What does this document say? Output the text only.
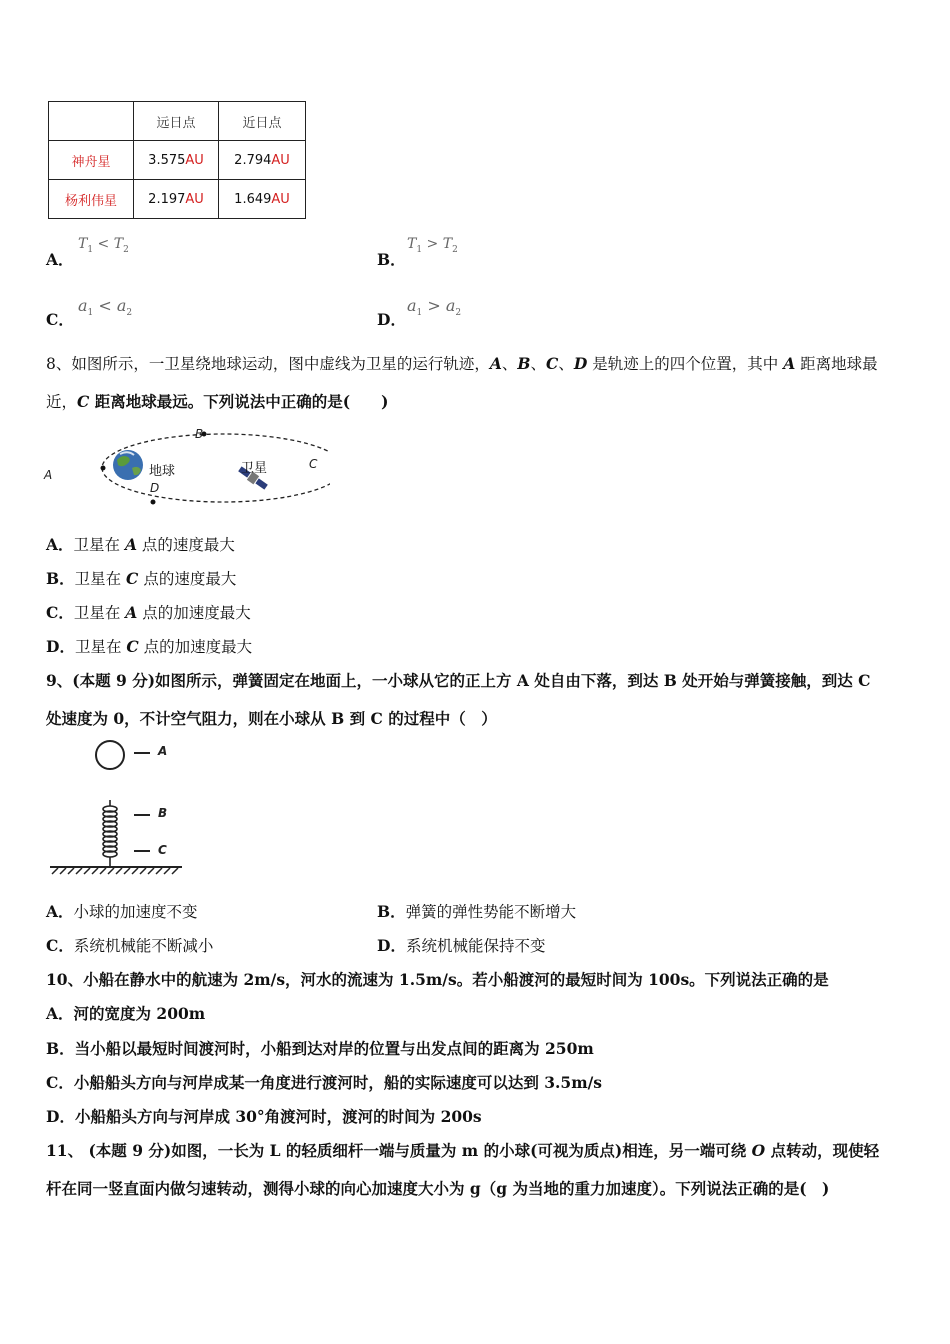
	远日点	近日点
神舟星	3.575AU	2.794AU
杨利伟星	2.197AU	1.649AU
A．
$T_1 < T_2$
B．
$T_1 > T_2$
C．
$a_1 < a_2$	D．
$a_1 > a_2$
8、如图所示，一卫星绕地球运动，图中虚线为卫星的运行轨迹，A、B、C、D 是轨迹上的四个位置，其中 A 距离地球最
近，C 距离地球最远。下列说法中正确的是(　　)
A
B
C
D
地球	卫星
A．卫星在 A 点的速度最大
B．卫星在 C 点的速度最大
C．卫星在 A 点的加速度最大
D．卫星在 C 点的加速度最大
9、(本题 9 分)如图所示，弹簧固定在地面上，一小球从它的正上方 A 处自由下落，到达 B 处开始与弹簧接触，到达 C
处速度为 0，不计空气阻力，则在小球从 B 到 C 的过程中（　）
A
B
C
A．小球的加速度不变	B．弹簧的弹性势能不断增大
C．系统机械能不断减小	D．系统机械能保持不变
10、小船在静水中的航速为 2m/s，河水的流速为 1.5m/s。若小船渡河的最短时间为 100s。下列说法正确的是
A．河的宽度为 200m
B．当小船以最短时间渡河时，小船到达对岸的位置与出发点间的距离为 250m
C．小船船头方向与河岸成某一角度进行渡河时，船的实际速度可以达到 3.5m/s
D．小船船头方向与河岸成 30°角渡河时，渡河的时间为 200s
11、 (本题 9 分)如图，一长为 L 的轻质细杆一端与质量为 m 的小球(可视为质点)相连，另一端可绕 O 点转动，现使轻
杆在同一竖直面内做匀速转动，测得小球的向心加速度大小为 g（g 为当地的重力加速度）。下列说法正确的是(　)
